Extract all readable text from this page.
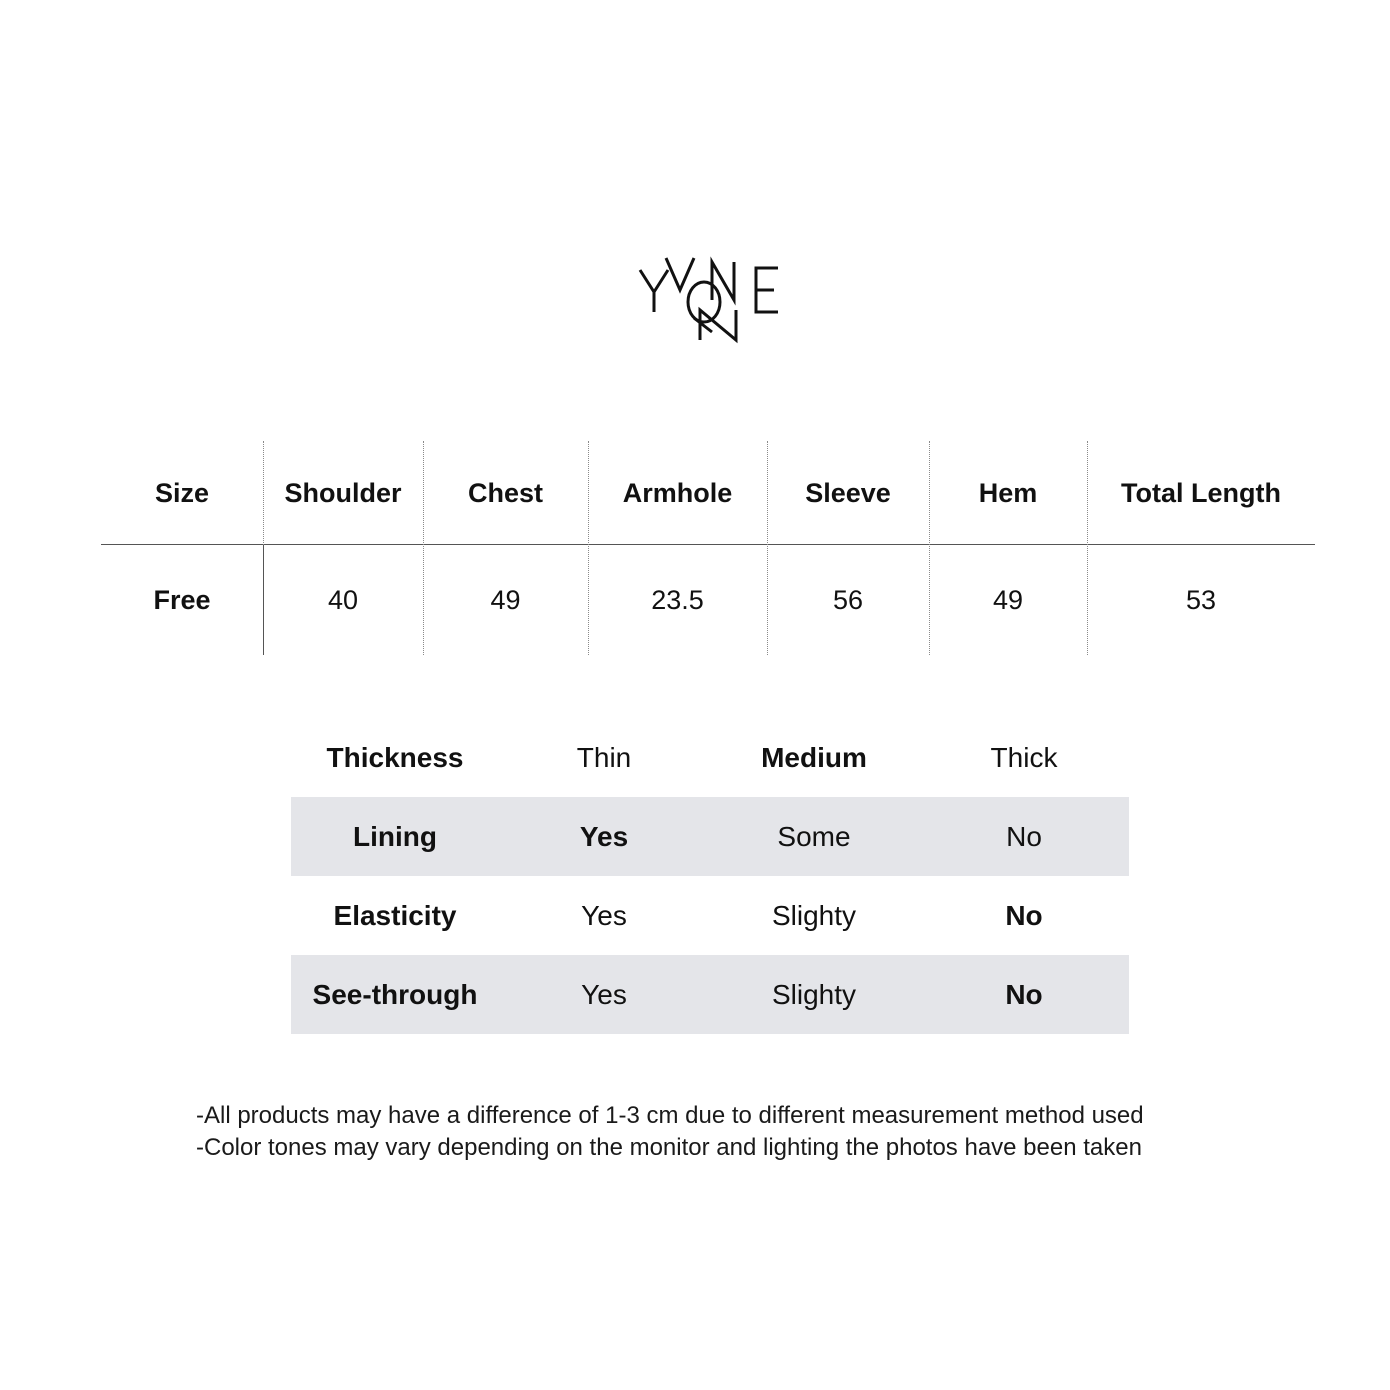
Size	Shoulder	Chest	Armhole	Sleeve	Hem	Total Length
Free	40	49	23.5	56	49	53
Thickness	Thin	Medium	Thick
Lining	Yes	Some	No
Elasticity	Yes	Slighty	No
See-through	Yes	Slighty	No
-All products may have a difference of 1-3 cm due to different measurement method used
-Color tones may vary depending on the monitor and lighting the photos have been taken
